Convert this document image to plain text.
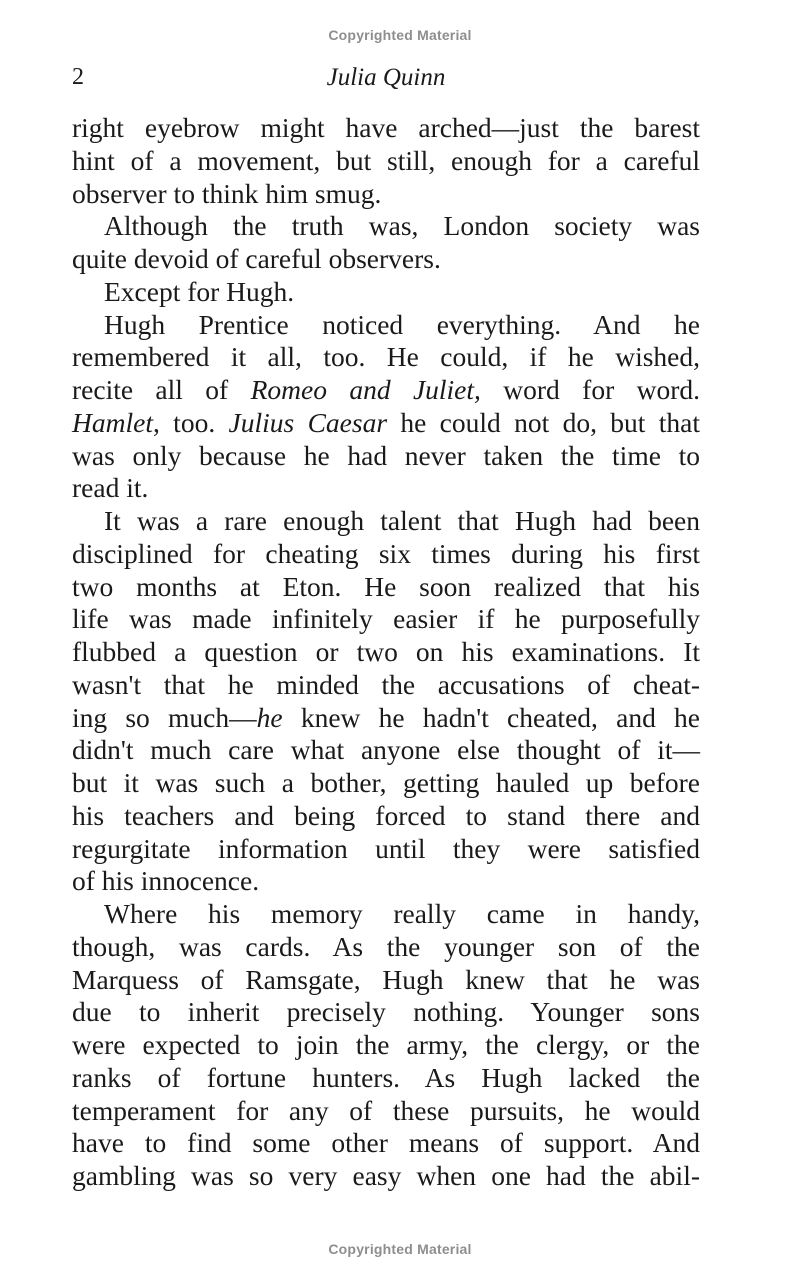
Copyrighted Material
2	Julia Quinn
right eyebrow might have arched—just the barest
hint of a movement, but still, enough for a careful
observer to think him smug.
Although the truth was, London society was
quite devoid of careful observers.
Except for Hugh.
Hugh Prentice noticed everything. And he
remembered it all, too. He could, if he wished,
recite all of Romeo and Juliet, word for word.
Hamlet, too. Julius Caesar he could not do, but that
was only because he had never taken the time to
read it.
It was a rare enough talent that Hugh had been
disciplined for cheating six times during his first
two months at Eton. He soon realized that his
life was made infinitely easier if he purposefully
flubbed a question or two on his examinations. It
wasn't that he minded the accusations of cheat-
ing so much—he knew he hadn't cheated, and he
didn't much care what anyone else thought of it—
but it was such a bother, getting hauled up before
his teachers and being forced to stand there and
regurgitate information until they were satisfied
of his innocence.
Where his memory really came in handy,
though, was cards. As the younger son of the
Marquess of Ramsgate, Hugh knew that he was
due to inherit precisely nothing. Younger sons
were expected to join the army, the clergy, or the
ranks of fortune hunters. As Hugh lacked the
temperament for any of these pursuits, he would
have to find some other means of support. And
gambling was so very easy when one had the abil-
Copyrighted Material
